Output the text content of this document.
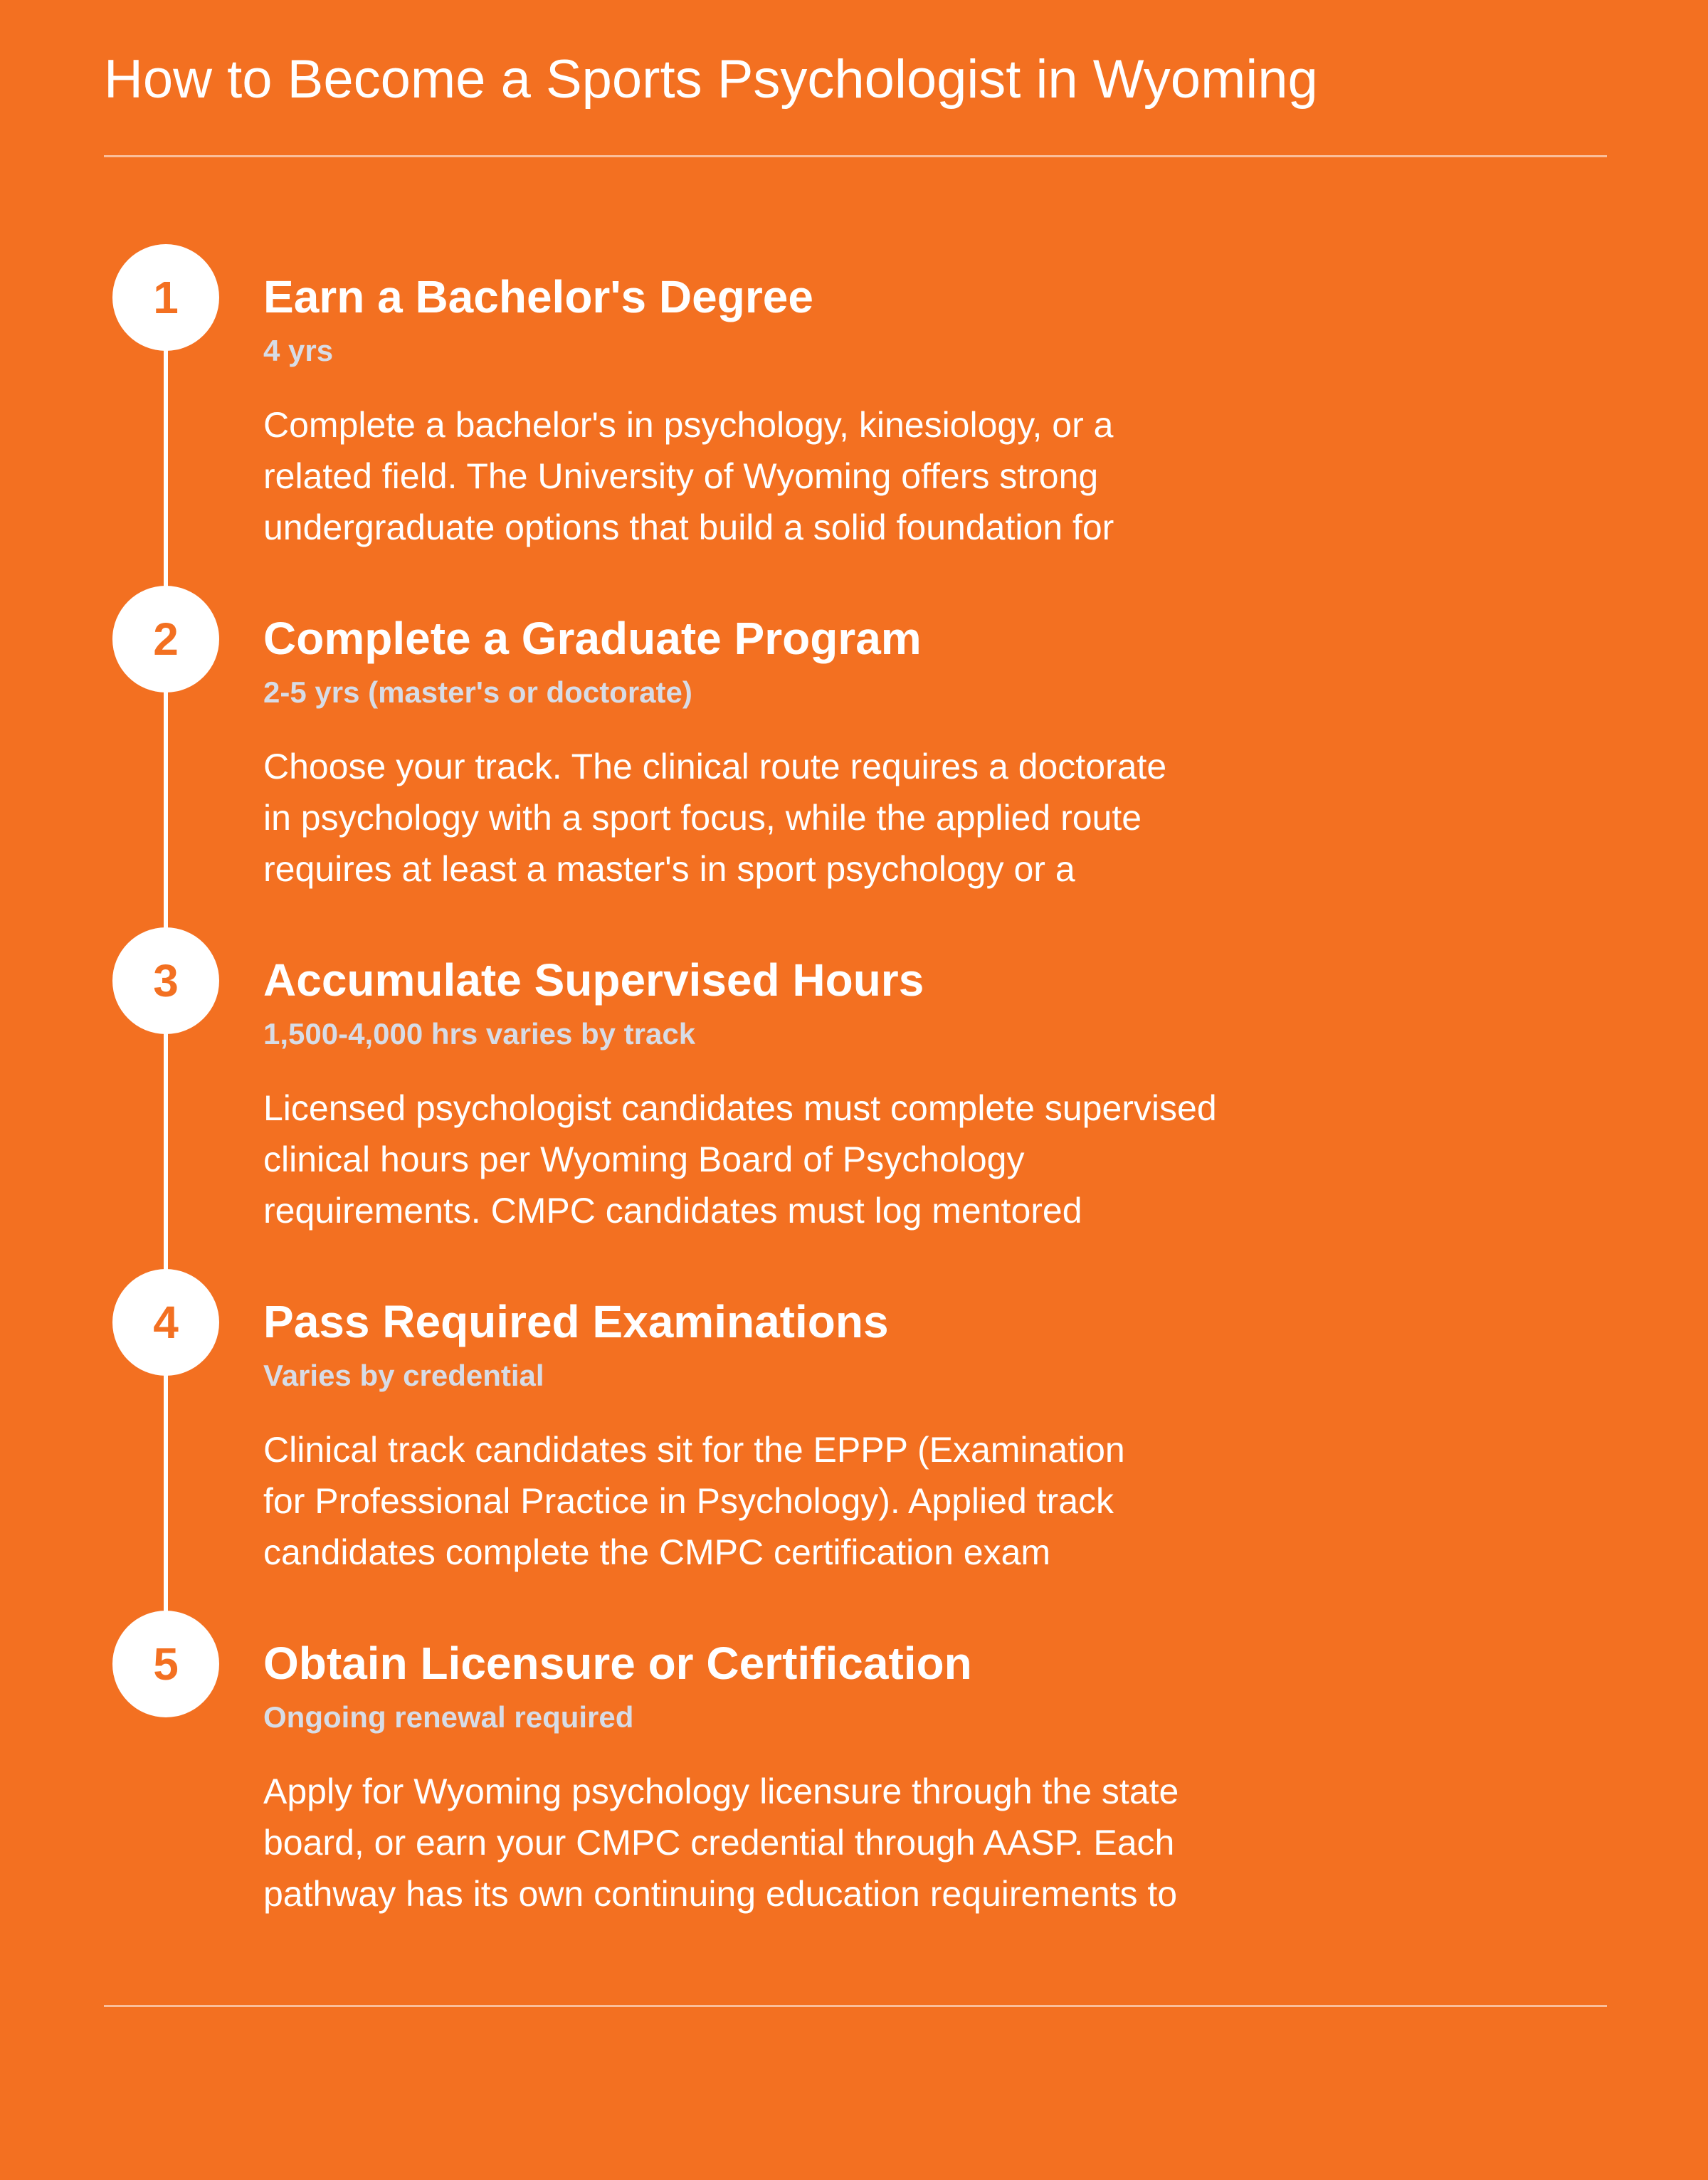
How to Become a Sports Psychologist in Wyoming
1	Earn a Bachelor's Degree
4 yrs

Complete a bachelor's in psychology, kinesiology, or a
related field. The University of Wyoming offers strong
undergraduate options that build a solid foundation for

2	Complete a Graduate Program
2-5 yrs (master's or doctorate)

Choose your track. The clinical route requires a doctorate
in psychology with a sport focus, while the applied route
requires at least a master's in sport psychology or a

3	Accumulate Supervised Hours
1,500-4,000 hrs varies by track

Licensed psychologist candidates must complete supervised
clinical hours per Wyoming Board of Psychology
requirements. CMPC candidates must log mentored

4	Pass Required Examinations
Varies by credential

Clinical track candidates sit for the EPPP (Examination
for Professional Practice in Psychology). Applied track
candidates complete the CMPC certification exam

5	Obtain Licensure or Certification
Ongoing renewal required

Apply for Wyoming psychology licensure through the state
board, or earn your CMPC credential through AASP. Each
pathway has its own continuing education requirements to
